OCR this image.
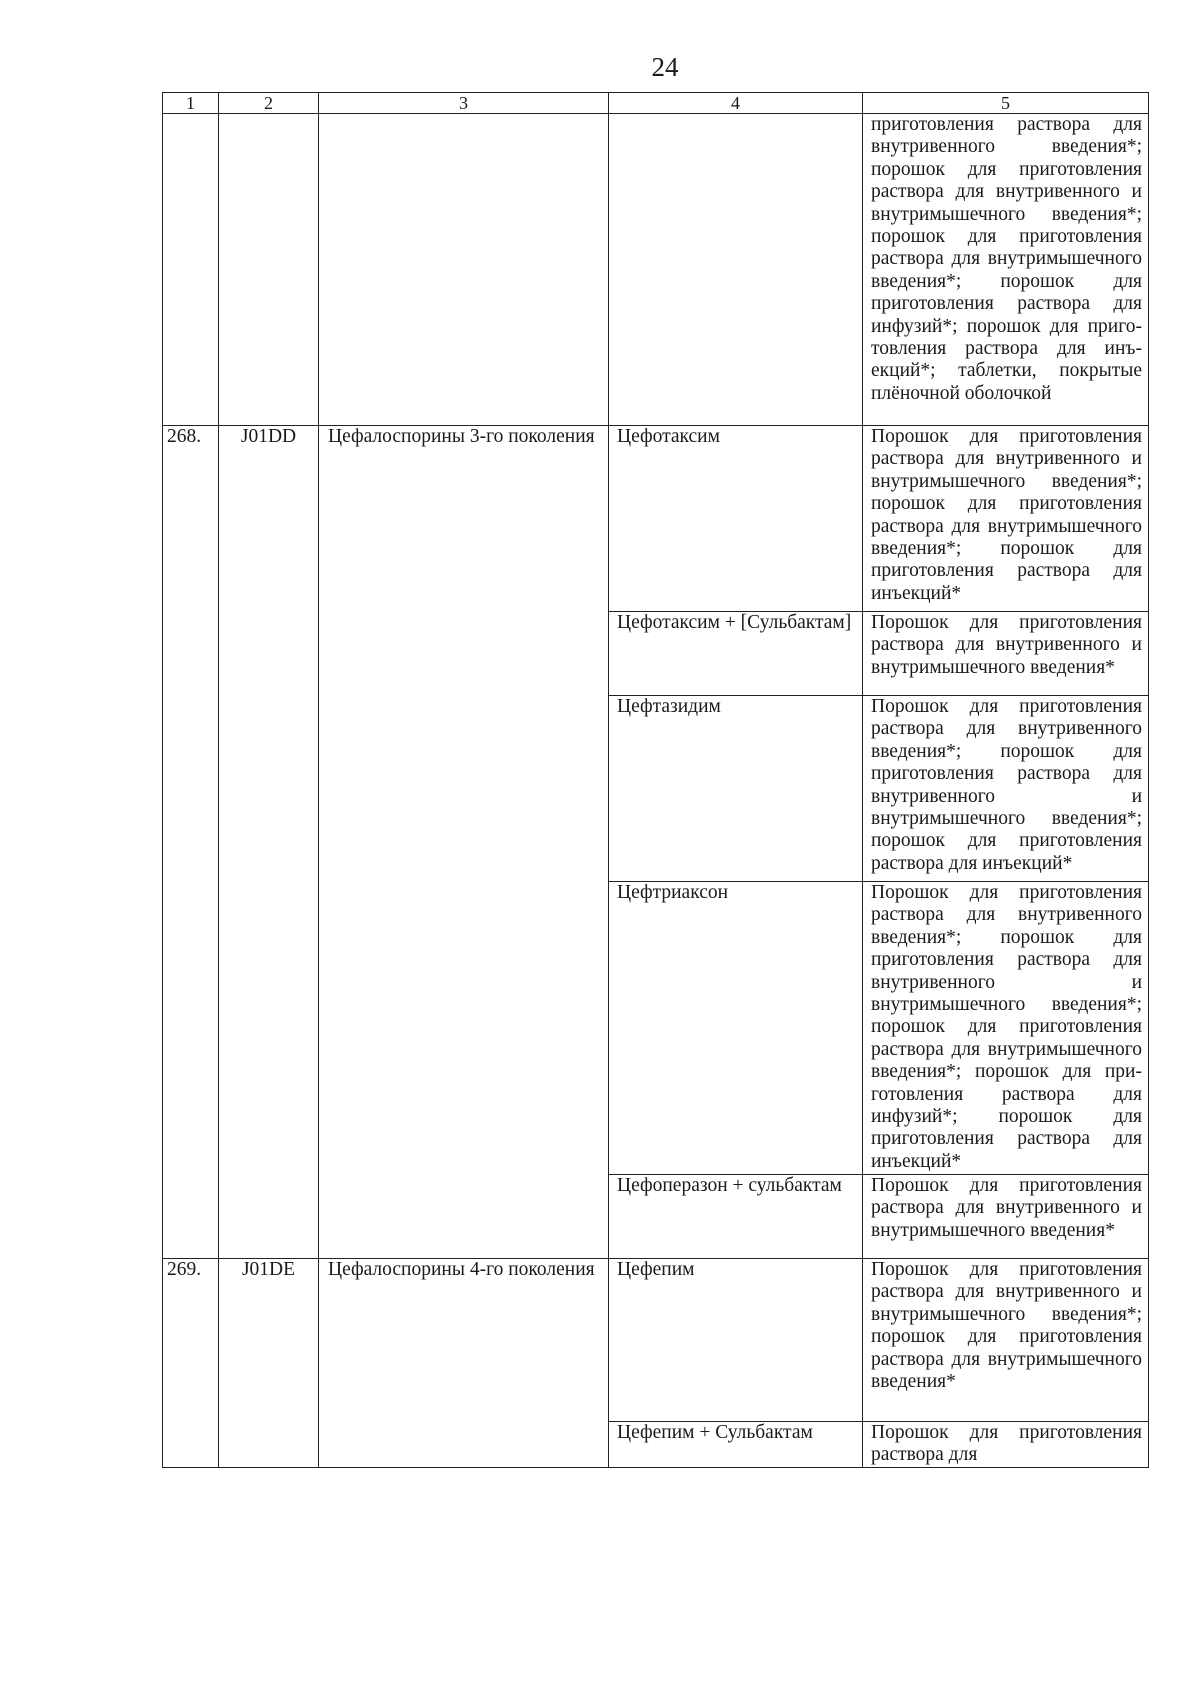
24
1	2	3	4	5
				приготовления раствора для внутривенного введения*; порошок для приготовления раствора для внутривенного и внутримышечного введения*; порошок для приготовления раствора для внутримышечного введения*; порошок для приготовления раствора для инфузий*; порошок для приготовления раствора для инъекций*; таблетки, покрытые плёночной оболочкой
268.	J01DD	Цефалоспорины 3-го поколения	Цефотаксим	Порошок для приготовления раствора для внутривенного и внутримышечного введения*; порошок для приготовления раствора для внутримышечного введения*; порошок для приготовления раствора для инъекций*
			Цефотаксим + [Сульбактам]	Порошок для приготовления раствора для внутривенного и внутримышечного введения*
			Цефтазидим	Порошок для приготовления раствора для внутривенного введения*; порошок для приготовления раствора для внутривенного и внутримышечного введения*; порошок для приготовления раствора для инъекций*
			Цефтриаксон	Порошок для приготовления раствора для внутривенного введения*; порошок для приготовления раствора для внутривенного и внутримышечного введения*; порошок для приготовления раствора для внутримышечного введения*; порошок для приготовления раствора для инфузий*; порошок для приготовления раствора для инъекций*
			Цефоперазон + сульбактам	Порошок для приготовления раствора для внутривенного и внутримышечного введения*
269.	J01DE	Цефалоспорины 4-го поколения	Цефепим	Порошок для приготовления раствора для внутривенного и внутримышечного введения*; порошок для приготовления раствора для внутримышечного введения*
			Цефепим + Сульбактам	Порошок для приготовления раствора для
